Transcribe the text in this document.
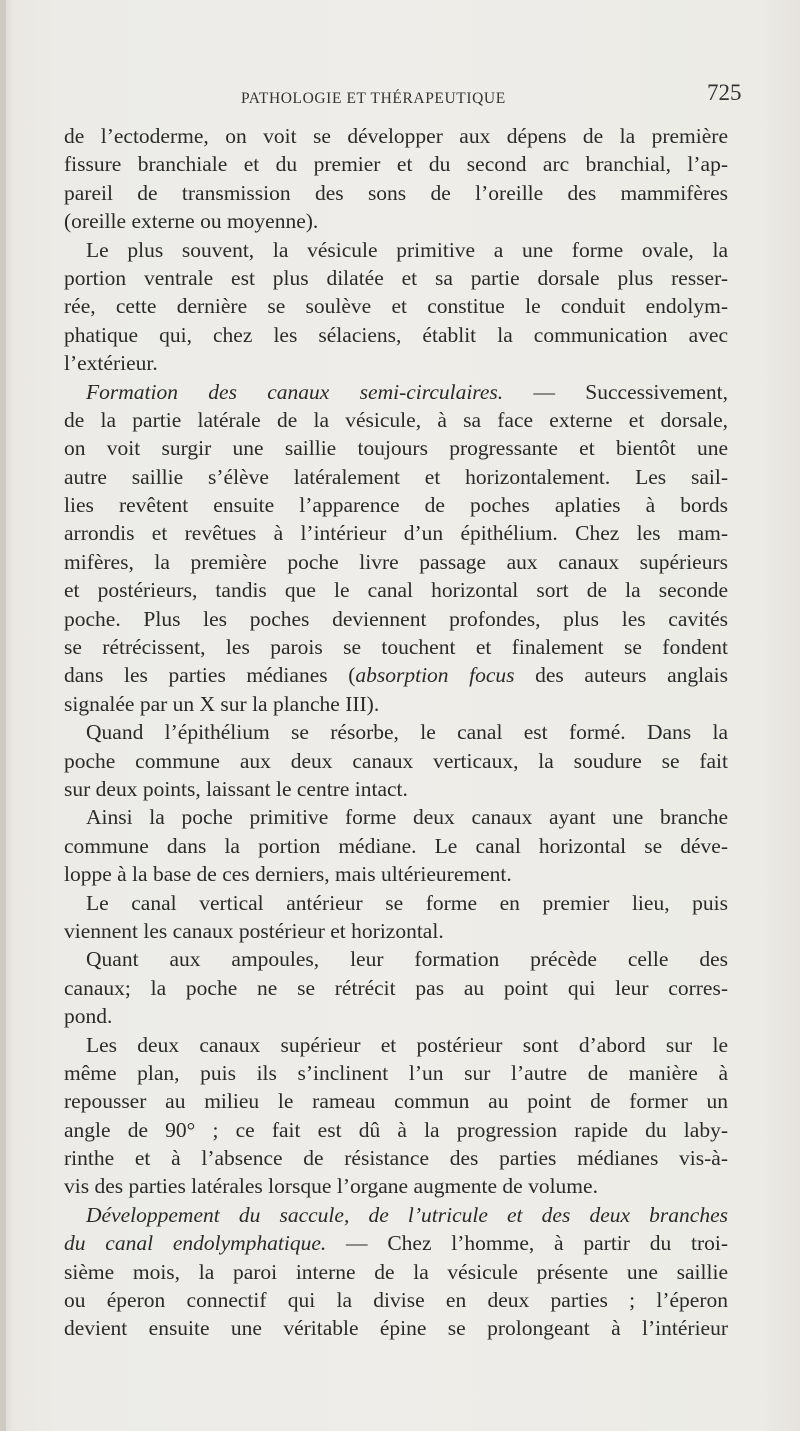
PATHOLOGIE ET THÉRAPEUTIQUE	725
de l’ectoderme, on voit se développer aux dépens de la première
fissure branchiale et du premier et du second arc branchial, l’ap-
pareil de transmission des sons de l’oreille des mammifères
(oreille externe ou moyenne).
Le plus souvent, la vésicule primitive a une forme ovale, la
portion ventrale est plus dilatée et sa partie dorsale plus resser-
rée, cette dernière se soulève et constitue le conduit endolym-
phatique qui, chez les sélaciens, établit la communication avec
l’extérieur.
Formation des canaux semi-circulaires. — Successivement,
de la partie latérale de la vésicule, à sa face externe et dorsale,
on voit surgir une saillie toujours progressante et bientôt une
autre saillie s’élève latéralement et horizontalement. Les sail-
lies revêtent ensuite l’apparence de poches aplaties à bords
arrondis et revêtues à l’intérieur d’un épithélium. Chez les mam-
mifères, la première poche livre passage aux canaux supérieurs
et postérieurs, tandis que le canal horizontal sort de la seconde
poche. Plus les poches deviennent profondes, plus les cavités
se rétrécissent, les parois se touchent et finalement se fondent
dans les parties médianes (absorption focus des auteurs anglais
signalée par un X sur la planche III).
Quand l’épithélium se résorbe, le canal est formé. Dans la
poche commune aux deux canaux verticaux, la soudure se fait
sur deux points, laissant le centre intact.
Ainsi la poche primitive forme deux canaux ayant une branche
commune dans la portion médiane. Le canal horizontal se déve-
loppe à la base de ces derniers, mais ultérieurement.
Le canal vertical antérieur se forme en premier lieu, puis
viennent les canaux postérieur et horizontal.
Quant aux ampoules, leur formation précède celle des
canaux; la poche ne se rétrécit pas au point qui leur corres-
pond.
Les deux canaux supérieur et postérieur sont d’abord sur le
même plan, puis ils s’inclinent l’un sur l’autre de manière à
repousser au milieu le rameau commun au point de former un
angle de 90° ; ce fait est dû à la progression rapide du laby-
rinthe et à l’absence de résistance des parties médianes vis-à-
vis des parties latérales lorsque l’organe augmente de volume.
Développement du saccule, de l’utricule et des deux branches
du canal endolymphatique. — Chez l’homme, à partir du troi-
sième mois, la paroi interne de la vésicule présente une saillie
ou éperon connectif qui la divise en deux parties ; l’éperon
devient ensuite une véritable épine se prolongeant à l’intérieur
